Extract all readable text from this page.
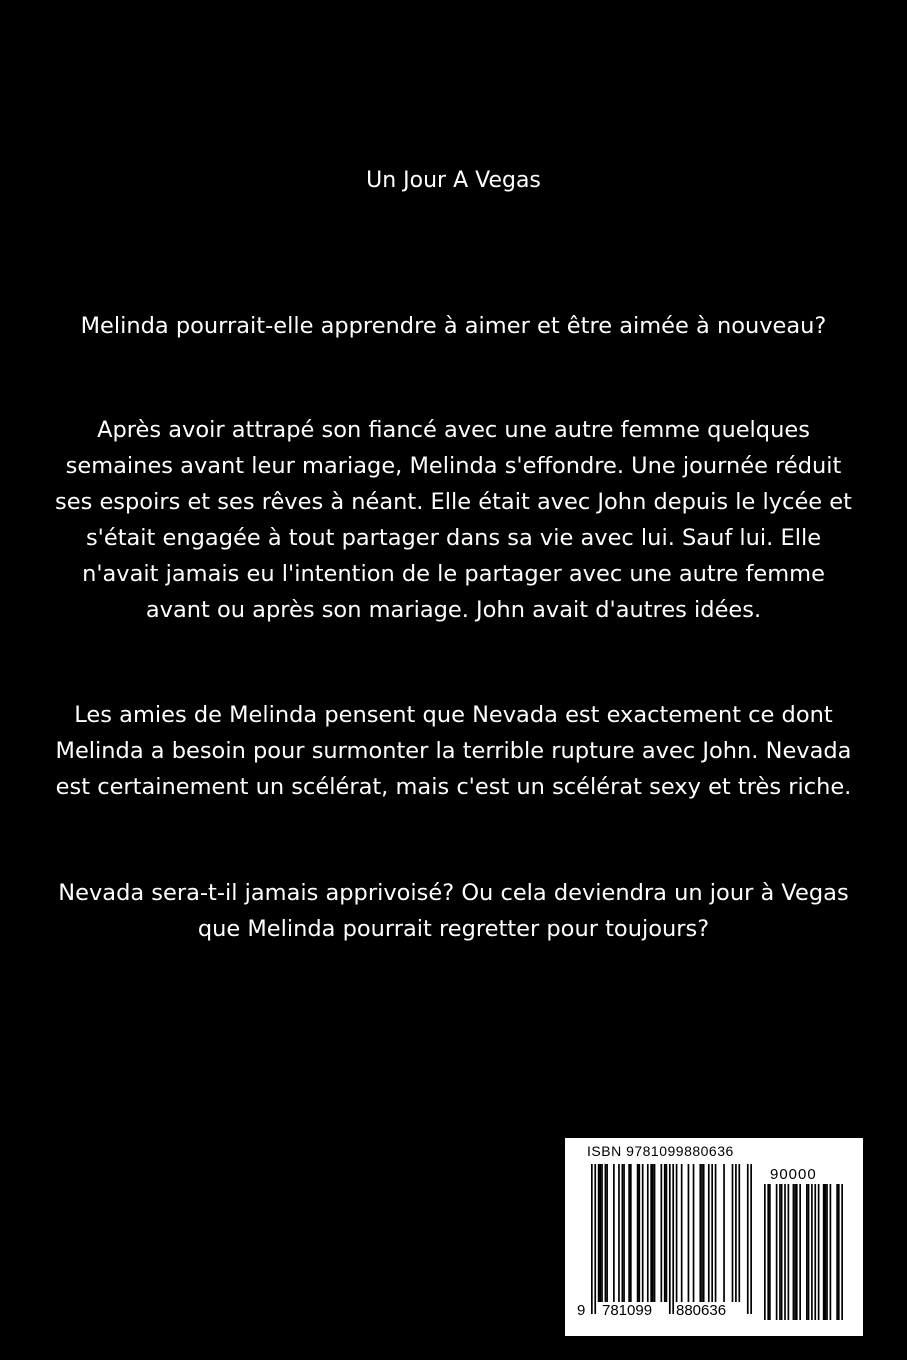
Un Jour A Vegas

Melinda pourrait-elle apprendre à aimer et être aimée à nouveau?

Après avoir attrapé son fiancé avec une autre femme quelques semaines avant leur mariage, Melinda s'effondre. Une journée réduit ses espoirs et ses rêves à néant. Elle était avec John depuis le lycée et s'était engagée à tout partager dans sa vie avec lui. Sauf lui. Elle n'avait jamais eu l'intention de le partager avec une autre femme avant ou après son mariage. John avait d'autres idées.

Les amies de Melinda pensent que Nevada est exactement ce dont Melinda a besoin pour surmonter la terrible rupture avec John. Nevada est certainement un scélérat, mais c'est un scélérat sexy et très riche.

Nevada sera-t-il jamais apprivoisé? Ou cela deviendra un jour à Vegas que Melinda pourrait regretter pour toujours?

ISBN 9781099880636
9 781099 880636
90000
